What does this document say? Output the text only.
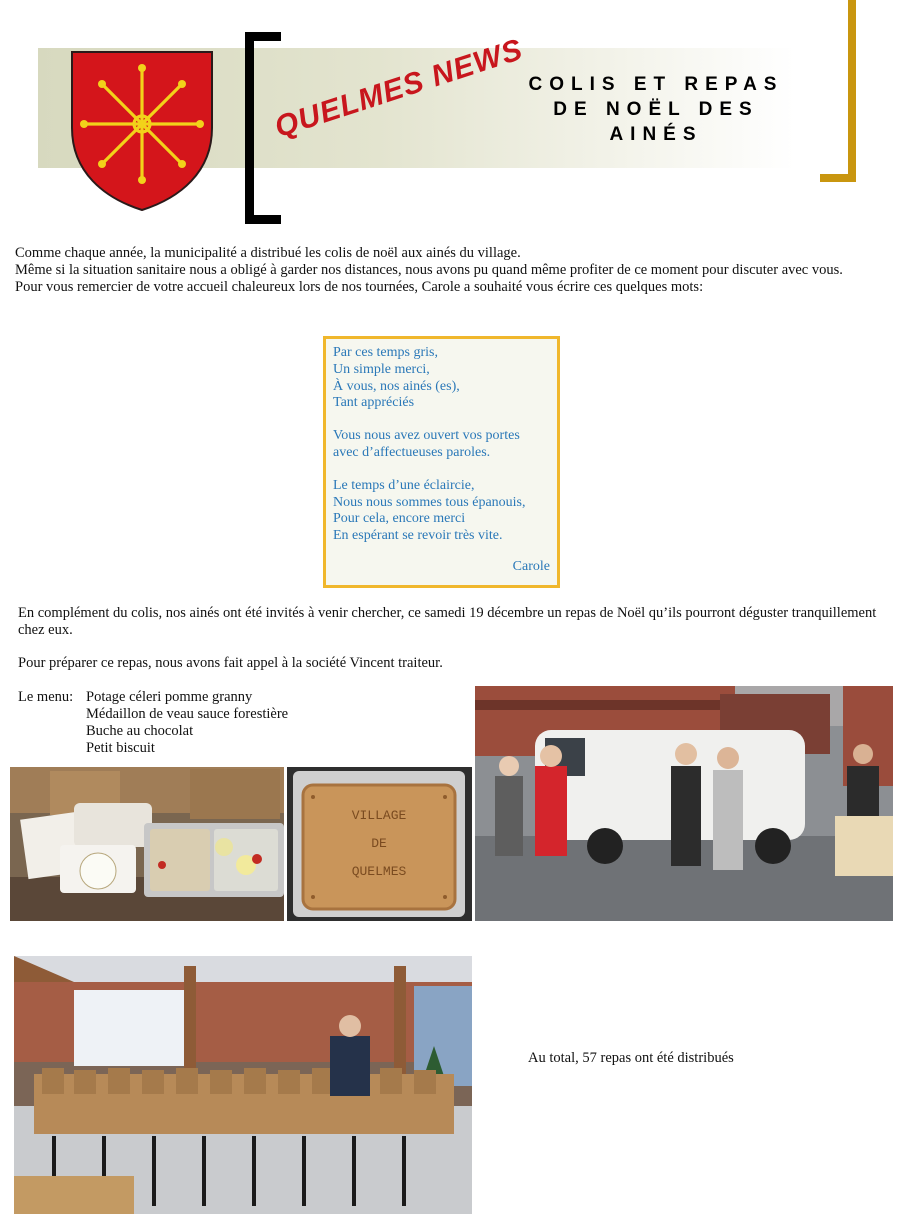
QUELMES NEWS COLIS ET REPAS
DE NOËL DES
AINÉS

Comme chaque année, la municipalité a distribué les colis de noël aux ainés du village.

Même si la situation sanitaire nous a obligé à garder nos distances, nous avons pu quand même profiter de ce moment pour discuter avec vous.

Pour vous remercier de votre accueil chaleureux lors de nos tournées, Carole a souhaité vous écrire ces quelques mots:

Par ces temps gris,
Un simple merci,
À vous, nos ainés (es),
Tant appréciés
Vous nous avez ouvert vos portes
avec d’affectueuses paroles.
Le temps d’une éclaircie,
Nous nous sommes tous épanouis,
Pour cela, encore merci
En espérant se revoir très vite.
Carole
En complément du colis, nos ainés ont été invités à venir chercher, ce samedi 19 décembre un repas de Noël qu’ils pourront déguster tranquillement chez eux.
Pour préparer ce repas, nous avons fait appel à la société Vincent traiteur.
Le menu: Potage céleri pomme granny
Médaillon de veau sauce forestière
Buche au chocolat
Petit biscuit
VILLAGE
DE
QUELMES
Au total, 57 repas ont été distribués
